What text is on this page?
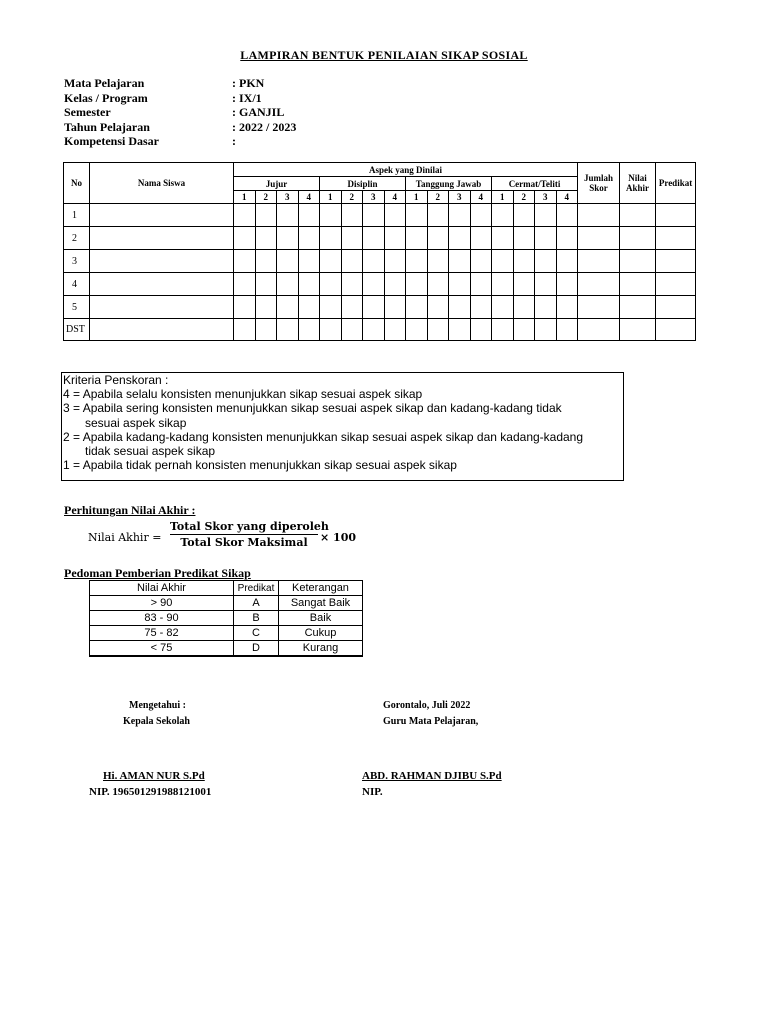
LAMPIRAN BENTUK PENILAIAN SIKAP SOSIAL
Mata Pelajaran	: PKN
Kelas / Program	: IX/1
Semester	: GANJIL
Tahun Pelajaran	: 2022 / 2023
Kompetensi Dasar	:
No	Nama Siswa	Aspek yang Dinilai																Jumlah Skor	Nilai Akhir	Predikat
		Jujur				Disiplin				Tanggung Jawab				Cermat/Teliti						
		1	2	3	4	1	2	3	4	1	2	3	4	1	2	3	4			
1																				
2																				
3																				
4																				
5																				
DST																				
Kriteria Penskoran :
4 = Apabila selalu konsisten menunjukkan sikap sesuai aspek sikap
3 = Apabila sering konsisten menunjukkan sikap sesuai aspek sikap dan kadang-kadang tidak
sesuai aspek sikap
2 = Apabila kadang-kadang konsisten menunjukkan sikap sesuai aspek sikap dan kadang-kadang
tidak sesuai aspek sikap
1 = Apabila tidak pernah konsisten menunjukkan sikap sesuai aspek sikap
Perhitungan Nilai Akhir :
Nilai Akhir =
Total Skor yang diperoleh
Total Skor Maksimal	× 100
Pedoman Pemberian Predikat Sikap
Nilai Akhir	Predikat	Keterangan
> 90	A	Sangat Baik
83 - 90	B	Baik
75 - 82	C	Cukup
< 75	D	Kurang
Mengetahui :
Kepala Sekolah
Gorontalo, Juli 2022
Guru Mata Pelajaran,
Hi. AMAN NUR S.Pd
NIP. 196501291988121001
ABD. RAHMAN DJIBU S.Pd
NIP.
